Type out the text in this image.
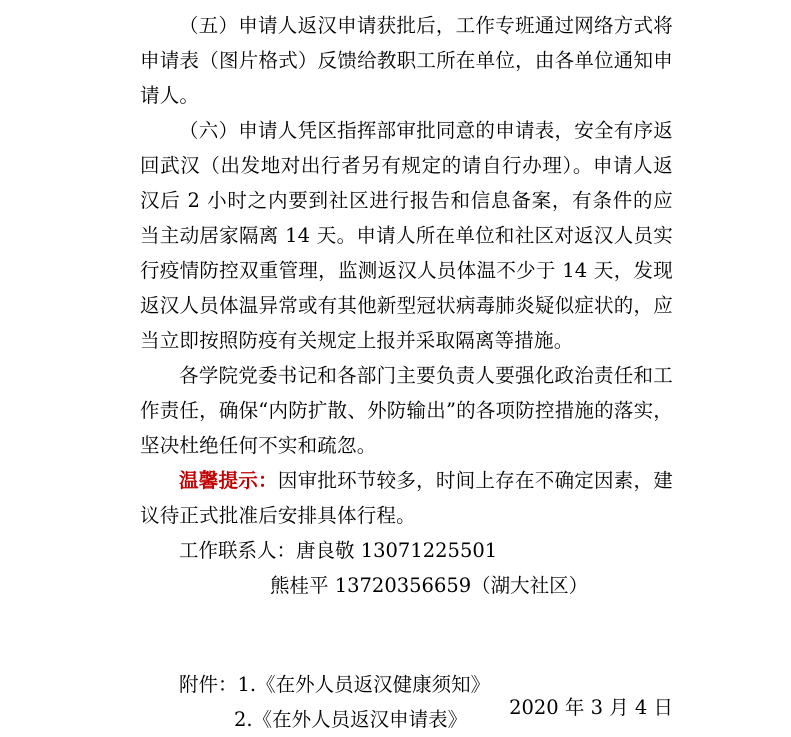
（五）申请人返汉申请获批后，工作专班通过网络方式将申请表（图片格式）反馈给教职工所在单位，由各单位通知申请人。

（六）申请人凭区指挥部审批同意的申请表，安全有序返回武汉（出发地对出行者另有规定的请自行办理）。申请人返汉后 2 小时之内要到社区进行报告和信息备案，有条件的应当主动居家隔离 14 天。申请人所在单位和社区对返汉人员实行疫情防控双重管理，监测返汉人员体温不少于 14 天，发现返汉人员体温异常或有其他新型冠状病毒肺炎疑似症状的，应当立即按照防疫有关规定上报并采取隔离等措施。

各学院党委书记和各部门主要负责人要强化政治责任和工作责任，确保“内防扩散、外防输出”的各项防控措施的落实，坚决杜绝任何不实和疏忽。

温馨提示：因审批环节较多，时间上存在不确定因素，建议待正式批准后安排具体行程。

工作联系人：唐良敬 13071225501

熊桂平 13720356659（湖大社区）

附件：1.《在外人员返汉健康须知》

2.《在外人员返汉申请表》

2020 年 3 月 4 日
